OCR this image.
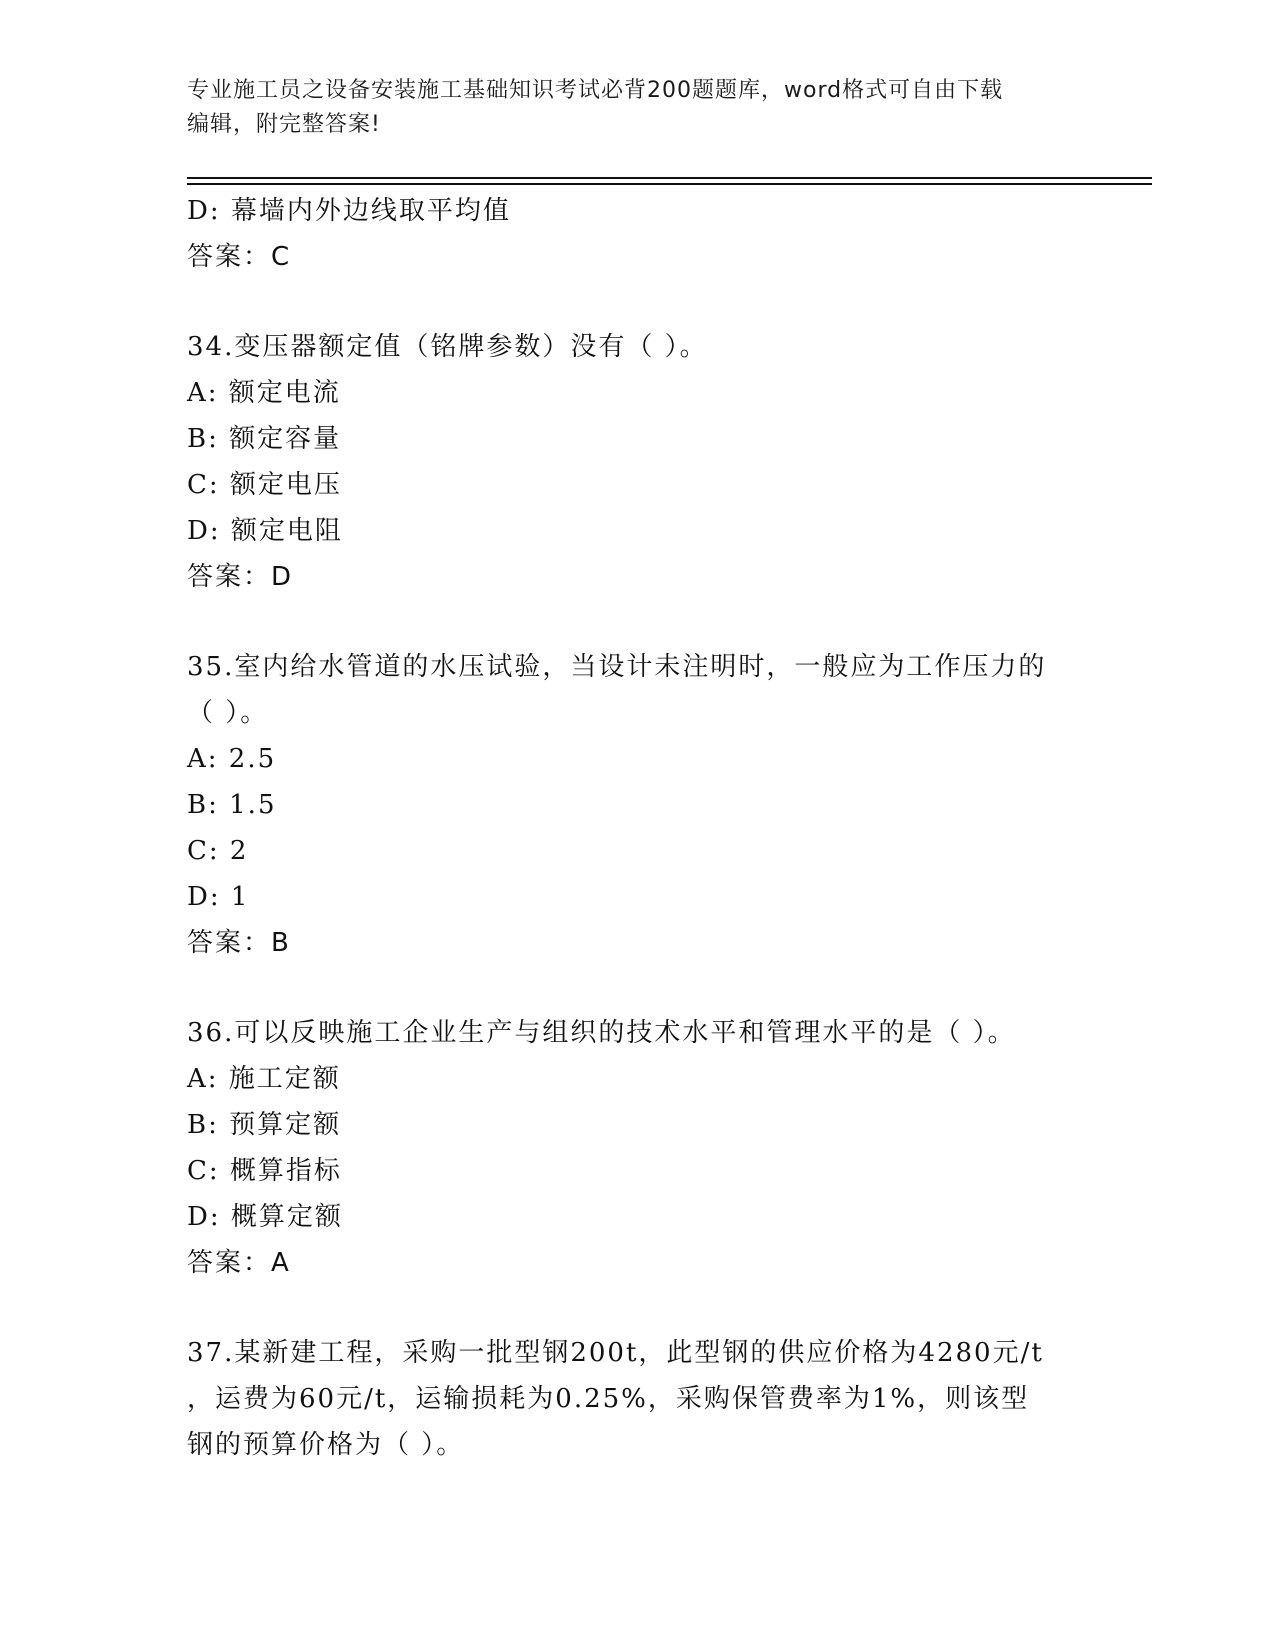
专业施工员之设备安装施工基础知识考试必背200题题库，word格式可自由下载
编辑，附完整答案!
D: 幕墙内外边线取平均值
答案：C
34.变压器额定值（铭牌参数）没有（ ）。
A: 额定电流
B: 额定容量
C: 额定电压
D: 额定电阻
答案：D
35.室内给水管道的水压试验，当设计未注明时，一般应为工作压力的
（ ）。
A: 2.5
B: 1.5
C: 2
D: 1
答案：B
36.可以反映施工企业生产与组织的技术水平和管理水平的是（ ）。
A: 施工定额
B: 预算定额
C: 概算指标
D: 概算定额
答案：A
37.某新建工程，采购一批型钢200t，此型钢的供应价格为4280元/t
，运费为60元/t，运输损耗为0.25%，采购保管费率为1%，则该型
钢的预算价格为（ ）。
